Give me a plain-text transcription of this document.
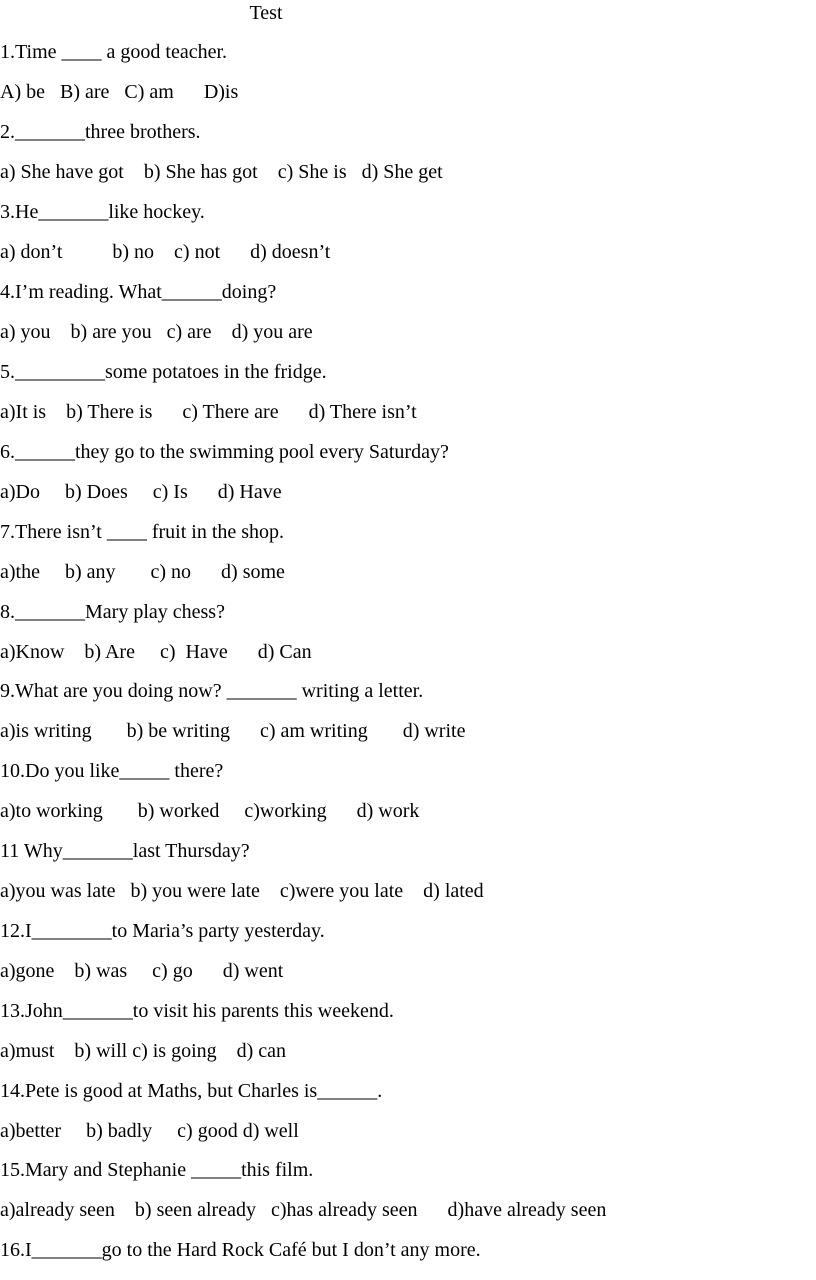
Test
1.Time ____ a good teacher.
A) be   B) are   C) am      D)is
2._______three brothers.
a) She have got    b) She has got    c) She is   d) She get
3.He_______like hockey.
a) don’t          b) no    c) not      d) doesn’t
4.I’m reading. What______doing?
a) you    b) are you   c) are    d) you are
5._________some potatoes in the fridge.
a)It is    b) There is      c) There are      d) There isn’t
6.______they go to the swimming pool every Saturday?
a)Do     b) Does     c) Is      d) Have
7.There isn’t ____ fruit in the shop.
a)the     b) any       c) no      d) some
8._______Mary play chess?
a)Know    b) Are     c)  Have      d) Can
9.What are you doing now? _______ writing a letter.
a)is writing       b) be writing      c) am writing       d) write
10.Do you like_____ there?
a)to working       b) worked     c)working      d) work
11 Why_______last Thursday?
a)you was late   b) you were late    c)were you late    d) lated
12.I________to Maria’s party yesterday.
a)gone    b) was     c) go      d) went
13.John_______to visit his parents this weekend.
a)must    b) will c) is going    d) can
14.Pete is good at Maths, but Charles is______.
a)better     b) badly     c) good d) well
15.Mary and Stephanie _____this film.
a)already seen    b) seen already   c)has already seen      d)have already seen
16.I_______go to the Hard Rock Café but I don’t any more.
